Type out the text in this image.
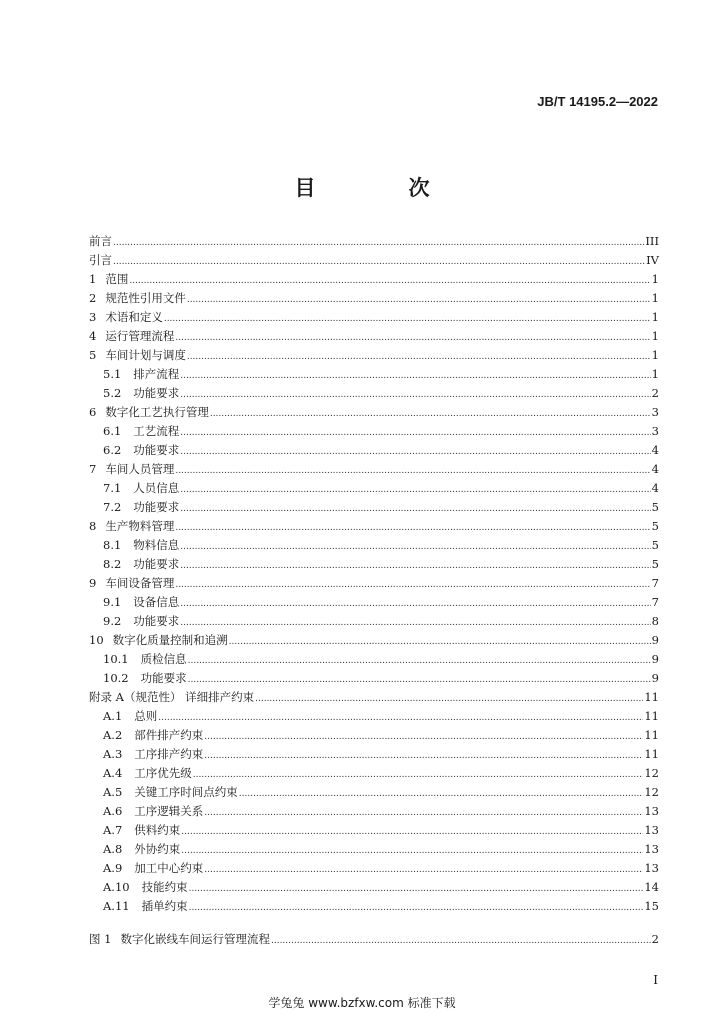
JB/T 14195.2—2022
目　次
前言 .....	III
引言 .....	IV
1 范围 .....	1
2 规范性引用文件 .....	1
3 术语和定义 .....	1
4 运行管理流程 .....	1
5 车间计划与调度 .....	1
5.1 排产流程 .....	1
5.2 功能要求 .....	2
6 数字化工艺执行管理 .....	3
6.1 工艺流程 .....	3
6.2 功能要求 .....	4
7 车间人员管理 .....	4
7.1 人员信息 .....	4
7.2 功能要求 .....	5
8 生产物料管理 .....	5
8.1 物料信息 .....	5
8.2 功能要求 .....	5
9 车间设备管理 .....	7
9.1 设备信息 .....	7
9.2 功能要求 .....	8
10 数字化质量控制和追溯 .....	9
10.1 质检信息 .....	9
10.2 功能要求 .....	9
附录 A（规范性） 详细排产约束 .....	11
A.1 总则 .....	11
A.2 部件排产约束 .....	11
A.3 工序排产约束 .....	11
A.4 工序优先级 .....	12
A.5 关键工序时间点约束 .....	12
A.6 工序逻辑关系 .....	13
A.7 供料约束 .....	13
A.8 外协约束 .....	13
A.9 加工中心约束 .....	13
A.10 技能约束 .....	14
A.11 插单约束 .....	15
图 1 数字化嵌线车间运行管理流程 .....	2
I
学兔兔 www.bzfxw.com 标准下载
